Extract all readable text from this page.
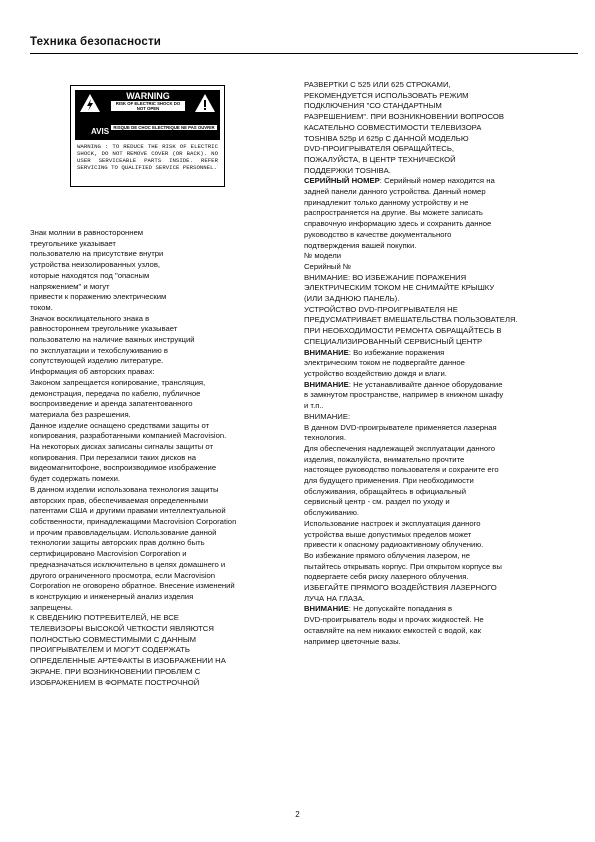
Техника безопасности
WARNING
RISK OF ELECTRIC SHOCK DO NOT OPEN
AVIS	RISQUE DE CHOC ELECTRIQUE NE PAS OUVRIR
WARNING : TO REDUCE THE RISK OF ELECTRIC SHOCK, DO NOT REMOVE COVER (OR BACK). NO USER SERVICEABLE PARTS INSIDE. REFER SERVICING TO QUALIFIED SERVICE PERSONNEL.

Знак молнии в равностороннем

треугольнике указывает

пользователю на присутствие внутри

устройства неизолированных узлов,

которые находятся под "опасным

напряжением" и могут

привести к поражению электрическим

током.

Значок восклицательного знака в

равностороннем треугольнике указывает

пользователю на наличие важных инструкций

по эксплуатации и техобслуживанию в

сопутствующей изделию литературе.

Информация об авторских правах:

Законом запрещается копирование, трансляция,

демонстрация, передача по кабелю, публичное

воспроизведение и аренда запатентованного

материала без разрешения.

Данное изделие оснащено средствами защиты от

копирования, разработанными компанией Macrovision.

На некоторых дисках записаны сигналы защиты от

копирования. При перезаписи таких дисков на

видеомагнитофоне, воспроизводимое изображение

будет содержать помехи.

В данном изделии использована технология защиты

авторских прав, обеспечиваемая определенными

патентами США и другими правами интеллектуальной

собственности, принадлежащими Macrovision Corporation

и прочим правовладельцам. Использование данной

технологии защиты авторских прав должно быть

сертифицировано Macrovision Corporation и

предназначаться исключительно в целях домашнего и

другого ограниченного просмотра, если Macrovision

Corporation не оговорено обратное. Внесение изменений

в конструкцию и инженерный анализ изделия

запрещены.

К СВЕДЕНИЮ ПОТРЕБИТЕЛЕЙ, НЕ ВСЕ

ТЕЛЕВИЗОРЫ ВЫСОКОЙ ЧЕТКОСТИ ЯВЛЯЮТСЯ

ПОЛНОСТЬЮ СОВМЕСТИМЫМИ С ДАННЫМ

ПРОИГРЫВАТЕЛЕМ И МОГУТ СОДЕРЖАТЬ

ОПРЕДЕЛЕННЫЕ АРТЕФАКТЫ В ИЗОБРАЖЕНИИ НА

ЭКРАНЕ. ПРИ ВОЗНИКНОВЕНИИ ПРОБЛЕМ С

ИЗОБРАЖЕНИЕМ В ФОРМАТЕ ПОСТРОЧНОЙ

РАЗВЕРТКИ С 525 ИЛИ 625 СТРОКАМИ,

РЕКОМЕНДУЕТСЯ ИСПОЛЬЗОВАТЬ РЕЖИМ

ПОДКЛЮЧЕНИЯ "СО СТАНДАРТНЫМ

РАЗРЕШЕНИЕМ". ПРИ ВОЗНИКНОВЕНИИ ВОПРОСОВ

КАСАТЕЛЬНО СОВМЕСТИМОСТИ ТЕЛЕВИЗОРА

TOSHIBA 525p И 625p С ДАННОЙ МОДЕЛЬЮ

DVD-ПРОИГРЫВАТЕЛЯ ОБРАЩАЙТЕСЬ,

ПОЖАЛУЙСТА, В ЦЕНТР ТЕХНИЧЕСКОЙ

ПОДДЕРЖКИ TOSHIBA.

СЕРИЙНЫЙ НОМЕР: Серийный номер находится на

задней панели данного устройства. Данный номер

принадлежит только данному устройству и не

распространяется на другие. Вы можете записать

справочную информацию здесь и сохранить данное

руководство в качестве документального

подтверждения вашей покупки.

№ модели

Серийный №

ВНИМАНИЕ: ВО ИЗБЕЖАНИЕ ПОРАЖЕНИЯ

ЭЛЕКТРИЧЕСКИМ ТОКОМ НЕ СНИМАЙТЕ КРЫШКУ

(ИЛИ ЗАДНЮЮ ПАНЕЛЬ).

УСТРОЙСТВО DVD-ПРОИГРЫВАТЕЛЯ НЕ

ПРЕДУСМАТРИВАЕТ ВМЕШАТЕЛЬСТВА ПОЛЬЗОВАТЕЛЯ.

ПРИ НЕОБХОДИМОСТИ РЕМОНТА ОБРАЩАЙТЕСЬ В

СПЕЦИАЛИЗИРОВАННЫЙ СЕРВИСНЫЙ ЦЕНТР

ВНИМАНИЕ: Во избежание поражения

электрическим током не подвергайте данное

устройство воздействию дождя и влаги.

ВНИМАНИЕ: Не устанавливайте данное оборудование

в замкнутом пространстве, например в книжном шкафу

и т.п..

ВНИМАНИЕ:

В данном DVD-проигрывателе применяется лазерная

технология.

Для обеспечения надлежащей эксплуатации данного

изделия, пожалуйста, внимательно прочтите

настоящее руководство пользователя и сохраните его

для будущего применения. При необходимости

обслуживания, обращайтесь в официальный

сервисный центр - см. раздел по уходу и

обслуживанию.

Использование настроек и эксплуатация данного

устройства выше допустимых пределов может

привести к опасному радиоактивному облучению.

Во избежание прямого облучения лазером, не

пытайтесь открывать корпус. При открытом корпусе вы

подвергаете себя риску лазерного облучения.

ИЗБЕГАЙТЕ ПРЯМОГО ВОЗДЕЙСТВИЯ ЛАЗЕРНОГО

ЛУЧА НА ГЛАЗА.

ВНИМАНИЕ: Не допускайте попадания в

DVD-проигрыватель воды и прочих жидкостей. Не

оставляйте на нем никаких емкостей с водой, как

например цветочные вазы.

2
